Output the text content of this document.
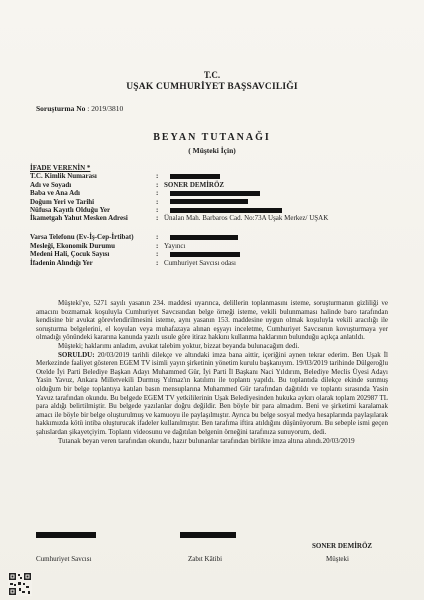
T.C.
UŞAK CUMHURİYET BAŞSAVCILIĞI
Soruşturma No : 2019/3810
BEYAN TUTANAĞI
( Müşteki İçin)
İFADE VERENİN *
T.C. Kimlik Numarası	:
Adı ve Soyadı	: SONER DEMİRÖZ
Baba ve Ana Adı	:
Doğum Yeri ve Tarihi	:
Nüfusa Kayıtlı Olduğu Yer	:
İkametgah Yahut Mesken Adresi	: Ünalan Mah. Barbaros Cad. No:73A Uşak Merkez/ UŞAK
Varsa Telefonu (Ev-İş-Cep-İrtibat)	:
Mesleği, Ekonomik Durumu	: Yayıncı
Medeni Hali, Çocuk Sayısı	:
İfadenin Alındığı Yer	: Cumhuriyet Savcısı odası

Müşteki'ye, 5271 sayılı yasanın 234. maddesi uyarınca, delillerin toplanmasını isteme, soruşturmanın gizliliği ve amacını bozmamak koşuluyla Cumhuriyet Savcısından belge örneği isteme, vekili bulunmaması halinde baro tarafından kendisine bir avukat görevlendirilmesini isteme, aynı yasanın 153. maddesine uygun olmak koşuluyla vekili aracılığı ile soruşturma belgelerini, el koyulan veya muhafazaya alınan eşyayı inceletme, Cumhuriyet Savcısının kovuşturmaya yer olmadığı yönündeki kararına kanunda yazılı usule göre itiraz hakkını kullanma haklarının bulunduğu açıkça anlatıldı.

Müşteki; haklarımı anladım, avukat talebim yoktur, bizzat beyanda bulunacağım dedi.

SORULDU: 20/03/2019 tarihli dilekçe ve altındaki imza bana aittir, içeriğini aynen tekrar ederim. Ben Uşak İl Merkezinde faaliyet gösteren EGEM TV isimli yayın şirketinin yönetim kurulu başkanıyım. 19/03/2019 tarihinde Dülgeroğlu Otelde İyi Parti Belediye Başkan Adayı Muhammed Gür, İyi Parti İl Başkanı Naci Yıldırım, Belediye Meclis Üyesi Adayı Yasin Yavuz, Ankara Milletvekili Durmuş Yılmaz'ın katılımı ile toplantı yapıldı. Bu toplantıda dilekçe ekinde sunmuş olduğum bir belge toplantıya katılan basın mensuplarına Muhammed Gür tarafından dağıtıldı ve toplantı sırasında Yasin Yavuz tarafından okundu. Bu belgede EGEM TV yetkililerinin Uşak Belediyesinden hukuka aykırı olarak toplam 202987 TL para aldığı belirtilmiştir. Bu belgede yazılanlar doğru değildir. Ben böyle bir para almadım. Beni ve şirketimi karalamak amacı ile böyle bir belge oluşturulmuş ve kamuoyu ile paylaşılmıştır. Ayrıca bu belge sosyal medya hesaplarında paylaşılarak hakkımızda kötü intiba oluşturucak ifadeler kullanılmıştır. Ben tarafıma iftira atıldığını düşünüyorum. Bu sebeple ismi geçen şahıslardan şikayetçiyim. Toplantı videosunu ve dağıtılan belgenin örneğini tarafınıza sunuyorum, dedi.

Tutanak beyan veren tarafından okundu, hazır bulunanlar tarafından birlikte imza altına alındı.20/03/2019

SONER DEMİRÖZ
Cumhuriyet Savcısı	Zabıt Kâtibi	Müşteki
